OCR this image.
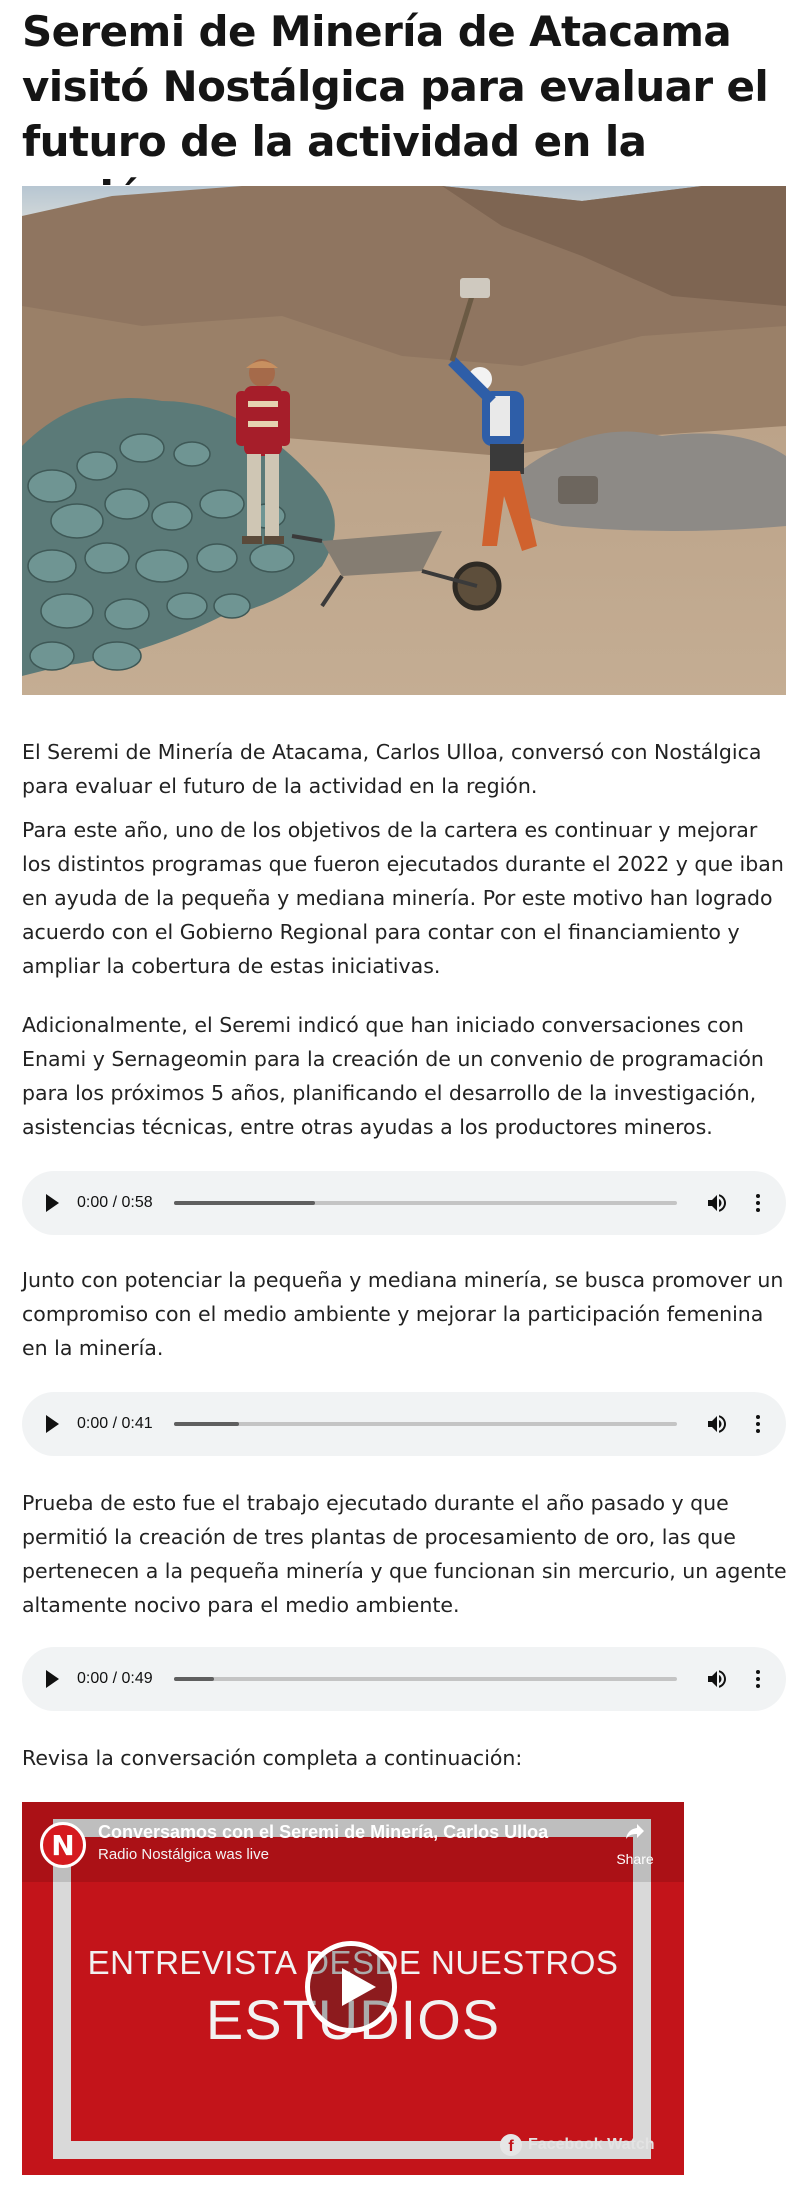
Seremi de Minería de Atacama visitó Nostálgica para evaluar el futuro de la actividad en la

El Seremi de Minería de Atacama, Carlos Ulloa, conversó con Nostálgica para evaluar el futuro de la actividad en la región.

Para este año, uno de los objetivos de la cartera es continuar y mejorar los distintos programas que fueron ejecutados durante el 2022 y que iban en ayuda de la pequeña y mediana minería. Por este motivo han logrado acuerdo con el Gobierno Regional para contar con el financiamiento y ampliar la cobertura de estas iniciativas.

Adicionalmente, el Seremi indicó que han iniciado conversaciones con Enami y Sernageomin para la creación de un convenio de programación para los próximos 5 años, planificando el desarrollo de la investigación, asistencias técnicas, entre otras ayudas a los productores mineros.

0:00 / 0:58

Junto con potenciar la pequeña y mediana minería, se busca promover un compromiso con el medio ambiente y mejorar la participación femenina en la minería.

0:00 / 0:41

Prueba de esto fue el trabajo ejecutado durante el año pasado y que permitió la creación de tres plantas de procesamiento de oro, las que pertenecen a la pequeña minería y que funcionan sin mercurio, un agente altamente nocivo para el medio ambiente.

0:00 / 0:49

Revisa la conversación completa a continuación:

N	Conversamos con el Seremi de Minería, Carlos Ulloa
Radio Nostálgica was live	Share
ENTREVISTA DESDE NUESTROS
ESTUDIOS
f Facebook Watch
